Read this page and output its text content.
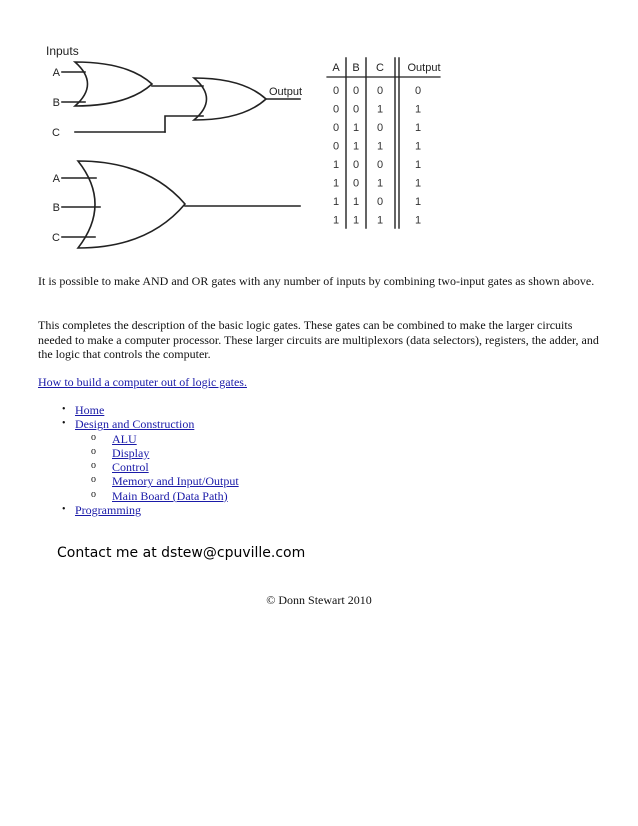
Inputs
A
B
C
Output
A
B
C
A B C Output
0 0 0	0
0 0 1	1
0 1 0	1
0 1 1	1
1 0 0	1
1 0 1	1
1 1 0	1
1 1 1	1

It is possible to make AND and OR gates with any number of inputs by combining two-input gates as shown above.

This completes the description of the basic logic gates. These gates can be combined to make the larger circuits needed to make a computer processor. These larger circuits are multiplexors (data selectors), registers, the adder, and the logic that controls the computer.

How to build a computer out of logic gates.

• Home
• Design and Construction
o ALU
o Display
o Control
o Memory and Input/Output
o Main Board (Data Path)
• Programming
Contact me at dstew@cpuville.com
© Donn Stewart 2010
